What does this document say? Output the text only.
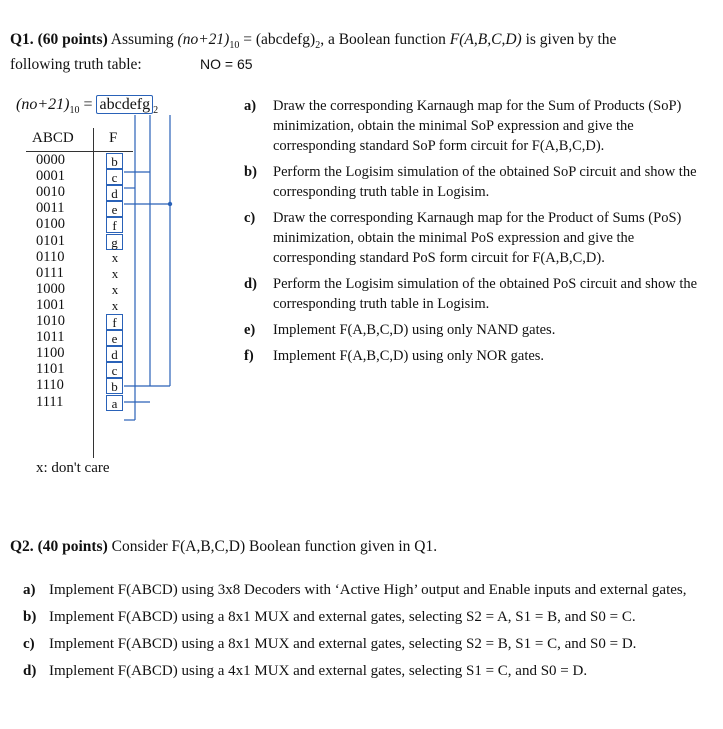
Q1. (60 points) Assuming $(no+21)_{10}$ = $(abcdefg)_2$, a Boolean function F(A,B,C,D) is given by the
following truth table:	NO = 65
$(no+21)_{10}$ = abcdefg $_2$
ABCD F
0000	b
0001	c
0010	d
0011	e
0100	f
0101	g
0110	x
0111	x
1000	x
1001	x
1010	f
1011	e
1100	d
1101	c
1110	b
1111	a
x: don't care
a) Draw the corresponding Karnaugh map for the Sum of Products (SoP) minimization, obtain the minimal SoP expression and give the corresponding standard SoP form circuit for F(A,B,C,D).
b) Perform the Logisim simulation of the obtained SoP circuit and show the corresponding truth table in Logisim.
c) Draw the corresponding Karnaugh map for the Product of Sums (PoS) minimization, obtain the minimal PoS expression and give the corresponding standard PoS form circuit for F(A,B,C,D).
d) Perform the Logisim simulation of the obtained PoS circuit and show the corresponding truth table in Logisim.
e) Implement F(A,B,C,D) using only NAND gates.
f) Implement F(A,B,C,D) using only NOR gates.
Q2. (40 points) Consider F(A,B,C,D) Boolean function given in Q1.
a) Implement F(ABCD) using 3x8 Decoders with ‘Active High’ output and Enable inputs and external gates,
b) Implement F(ABCD) using a 8x1 MUX and external gates, selecting S2 = A, S1 = B, and S0 = C.
c) Implement F(ABCD) using a 8x1 MUX and external gates, selecting S2 = B, S1 = C, and S0 = D.
d) Implement F(ABCD) using a 4x1 MUX and external gates, selecting S1 = C, and S0 = D.
